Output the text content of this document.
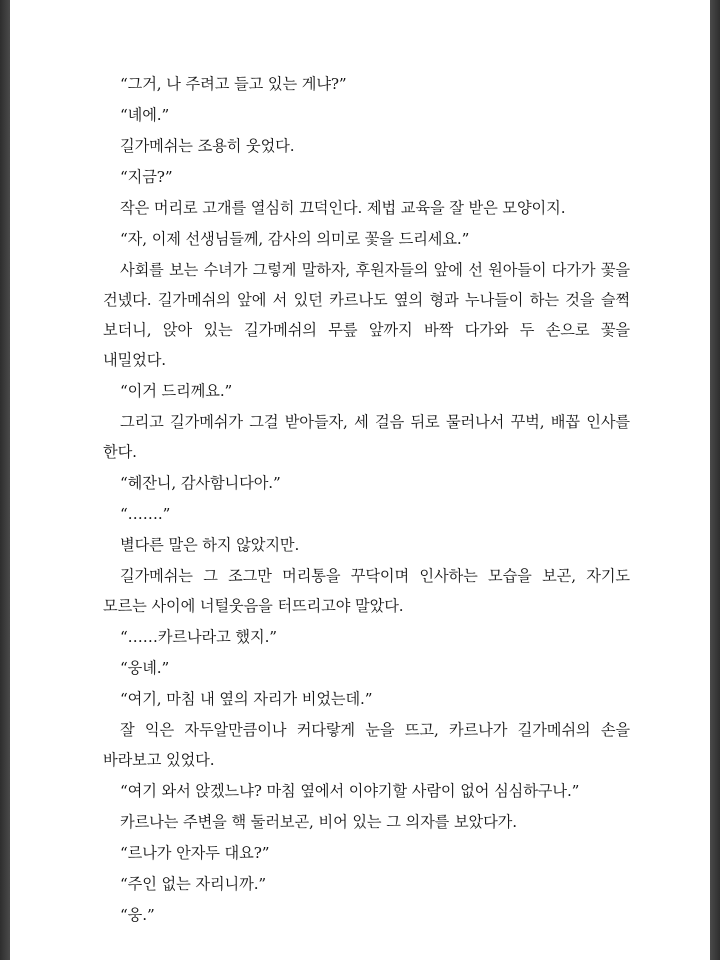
“그거, 나 주려고 들고 있는 게냐?”

“녜에.”

길가메쉬는 조용히 웃었다.

“지금?”

작은 머리로 고개를 열심히 끄덕인다. 제법 교육을 잘 받은 모양이지.

“자, 이제 선생님들께, 감사의 의미로 꽃을 드리세요.”

사회를 보는 수녀가 그렇게 말하자, 후원자들의 앞에 선 원아들이 다가가 꽃을 건넸다. 길가메쉬의 앞에 서 있던 카르나도 옆의 형과 누나들이 하는 것을 슬쩍 보더니, 앉아 있는 길가메쉬의 무릎 앞까지 바짝 다가와 두 손으로 꽃을 내밀었다.

“이거 드리께요.”

그리고 길가메쉬가 그걸 받아들자, 세 걸음 뒤로 물러나서 꾸벅, 배꼽 인사를 한다.

“헤잔니, 감사함니다아.”

“…….”

별다른 말은 하지 않았지만.

길가메쉬는 그 조그만 머리통을 꾸닥이며 인사하는 모습을 보곤, 자기도 모르는 사이에 너털웃음을 터뜨리고야 말았다.

“……카르나라고 했지.”

“웅녜.”

“여기, 마침 내 옆의 자리가 비었는데.”

잘 익은 자두알만큼이나 커다랗게 눈을 뜨고, 카르나가 길가메쉬의 손을 바라보고 있었다.

“여기 와서 앉겠느냐? 마침 옆에서 이야기할 사람이 없어 심심하구나.”

카르나는 주변을 핵 둘러보곤, 비어 있는 그 의자를 보았다가.

“르나가 안자두 대요?”

“주인 없는 자리니까.”

“웅.”
